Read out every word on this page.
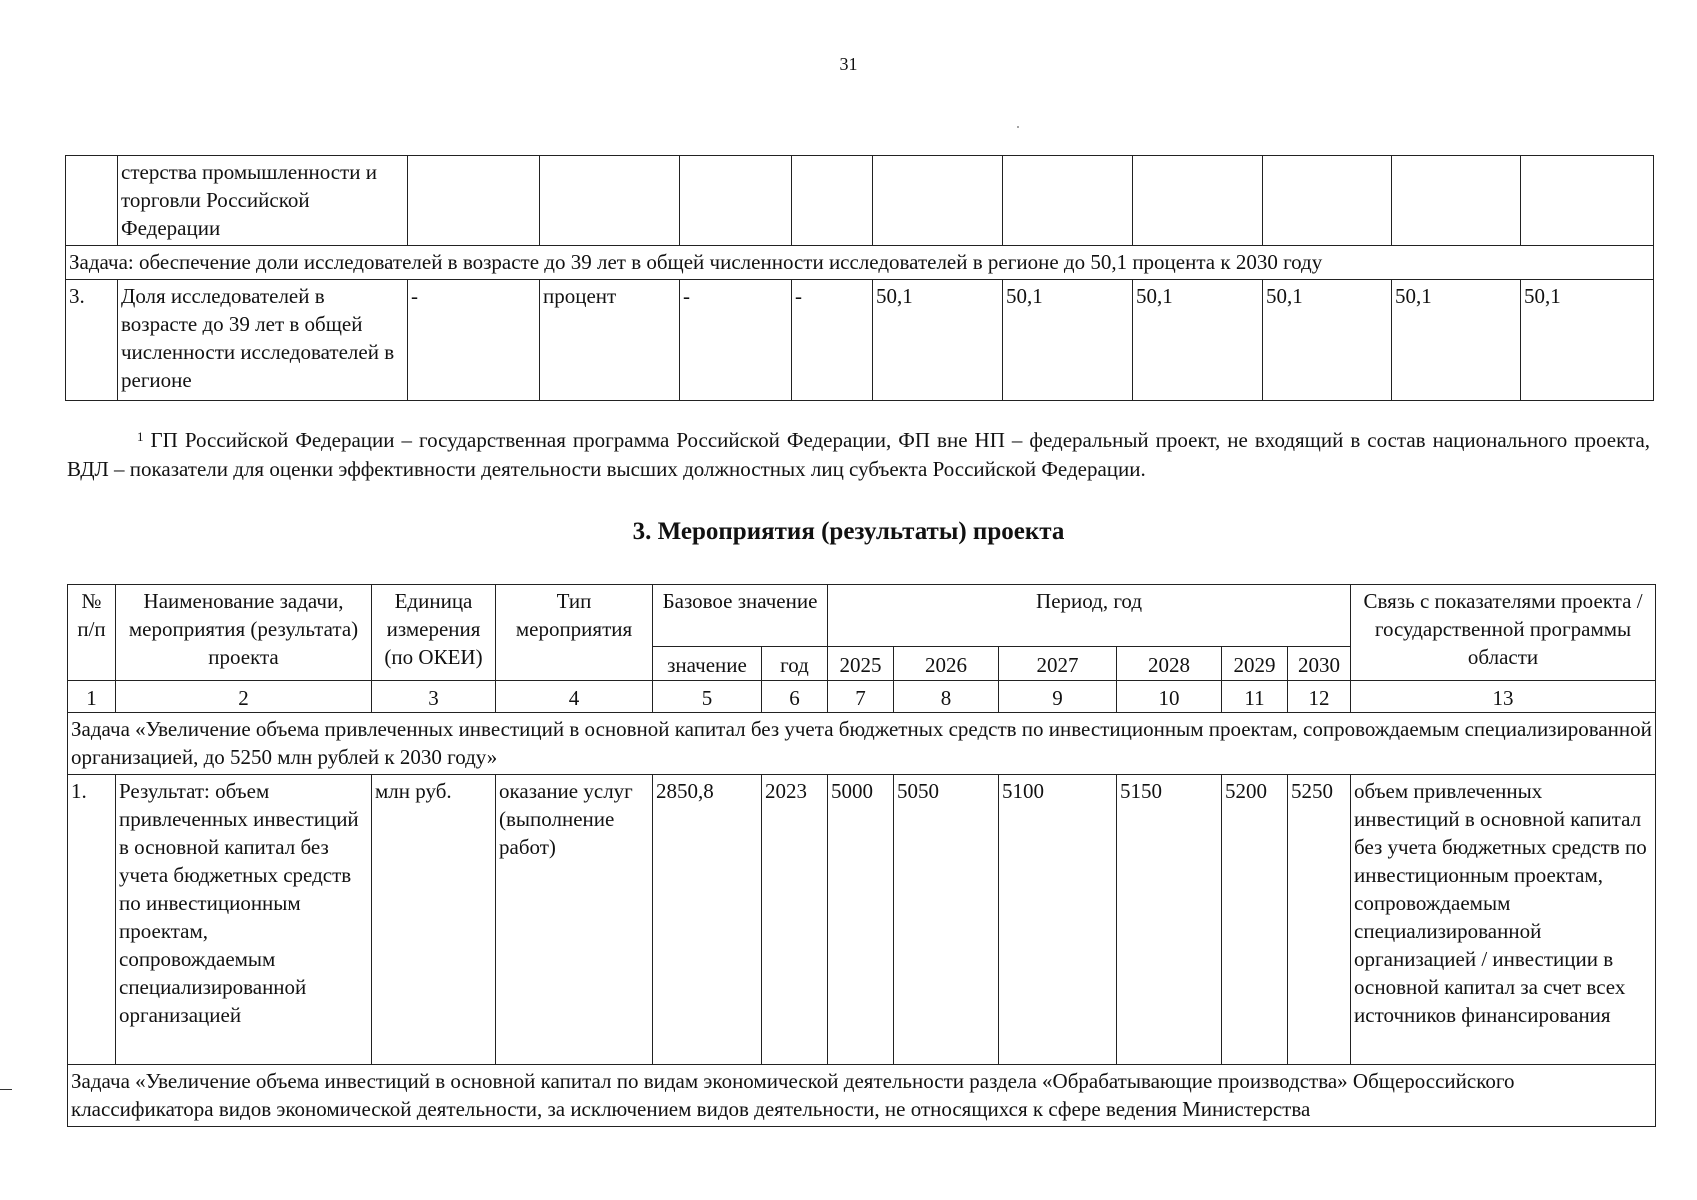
31
	стерства промышленности и торговли Российской Федерации										
Задача: обеспечение доли исследователей в возрасте до 39 лет в общей численности исследователей в регионе до 50,1 процента к 2030 году											
3.	Доля исследователей в возрасте до 39 лет в общей численности исследователей в регионе	-	процент	-	-	50,1	50,1	50,1	50,1	50,1	50,1
$^1$ ГП Российской Федерации – государственная программа Российской Федерации, ФП вне НП – федеральный проект, не входящий в состав национального проекта, ВДЛ – показатели для оценки эффективности деятельности высших должностных лиц субъекта Российской Федерации.
3. Мероприятия (результаты) проекта
№ п/п	Наименование задачи, мероприятия (результата) проекта	Единица измерения (по ОКЕИ)	Тип мероприятия	Базовое значение		Период, год						Связь с показателями проекта / государственной программы области
				значение	год	2025	2026	2027	2028	2029	2030	
1	2	3	4	5	6	7	8	9	10	11	12	13
Задача «Увеличение объема привлеченных инвестиций в основной капитал без учета бюджетных средств по инвестиционным проектам, сопровождаемым специализированной организацией, до 5250 млн рублей к 2030 году»												
1.	Результат: объем привлеченных инвестиций в основной капитал без учета бюджетных средств по инвестиционным проектам, сопровождаемым специализированной организацией	млн руб.	оказание услуг (выполнение работ)	2850,8	2023	5000	5050	5100	5150	5200	5250	объем привлеченных инвестиций в основной капитал без учета бюджетных средств по инвестиционным проектам, сопровождаемым специализированной организацией / инвестиции в основной капитал за счет всех источников финансирования
Задача «Увеличение объема инвестиций в основной капитал по видам экономической деятельности раздела «Обрабатывающие производства» Общероссийского классификатора видов экономической деятельности, за исключением видов деятельности, не относящихся к сфере ведения Министерства												
